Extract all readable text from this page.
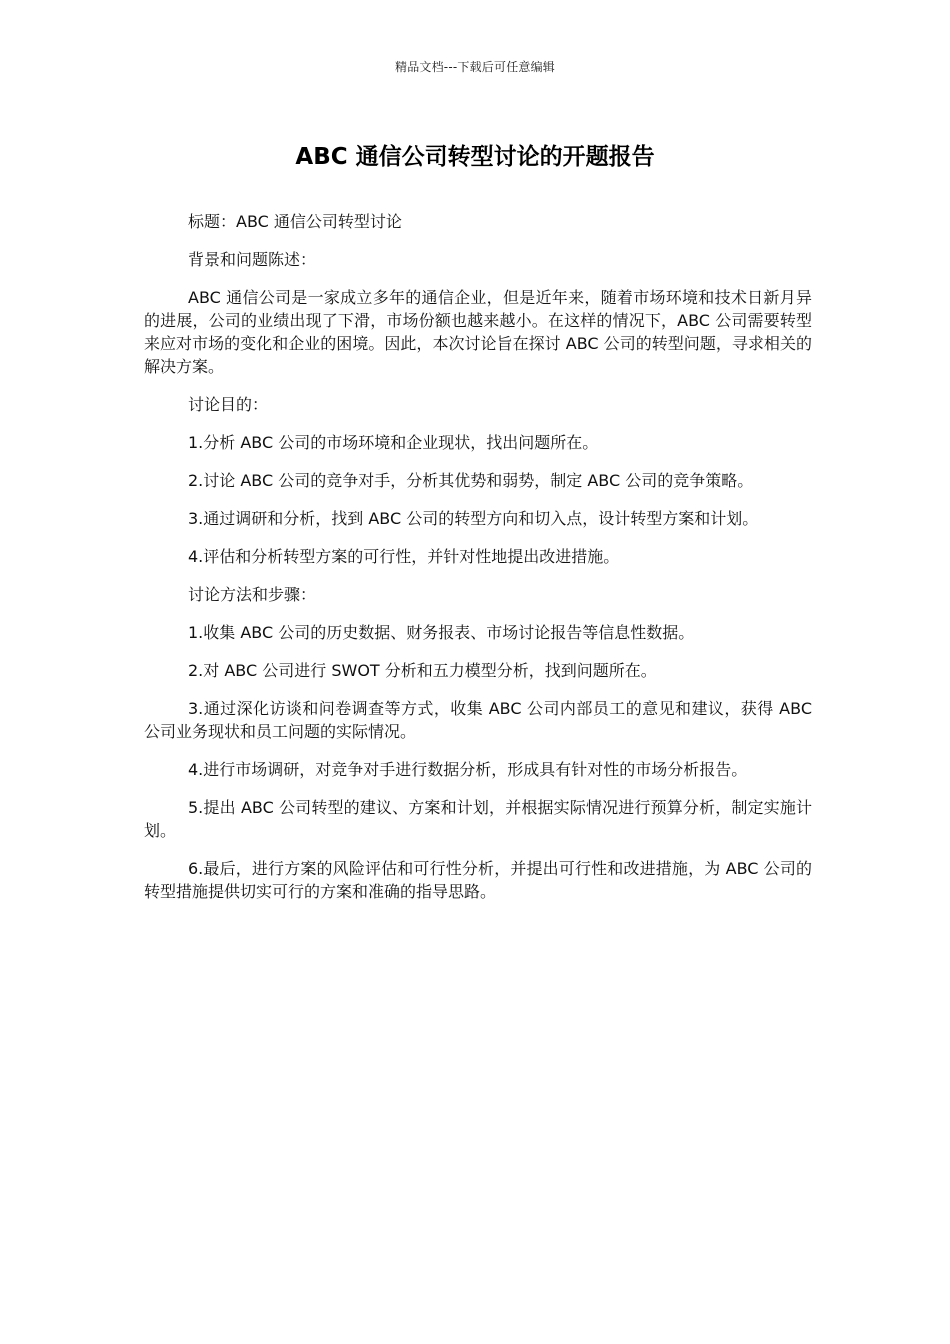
精品文档---下载后可任意编辑
ABC 通信公司转型讨论的开题报告

标题：ABC 通信公司转型讨论

背景和问题陈述：

ABC 通信公司是一家成立多年的通信企业，但是近年来，随着市场环境和技术日新月异的进展，公司的业绩出现了下滑，市场份额也越来越小。在这样的情况下，ABC 公司需要转型来应对市场的变化和企业的困境。因此，本次讨论旨在探讨 ABC 公司的转型问题，寻求相关的解决方案。

讨论目的：

1.分析 ABC 公司的市场环境和企业现状，找出问题所在。

2.讨论 ABC 公司的竞争对手，分析其优势和弱势，制定 ABC 公司的竞争策略。

3.通过调研和分析，找到 ABC 公司的转型方向和切入点，设计转型方案和计划。

4.评估和分析转型方案的可行性，并针对性地提出改进措施。

讨论方法和步骤：

1.收集 ABC 公司的历史数据、财务报表、市场讨论报告等信息性数据。

2.对 ABC 公司进行 SWOT 分析和五力模型分析，找到问题所在。

3.通过深化访谈和问卷调查等方式，收集 ABC 公司内部员工的意见和建议，获得 ABC 公司业务现状和员工问题的实际情况。

4.进行市场调研，对竞争对手进行数据分析，形成具有针对性的市场分析报告。

5.提出 ABC 公司转型的建议、方案和计划，并根据实际情况进行预算分析，制定实施计划。

6.最后，进行方案的风险评估和可行性分析，并提出可行性和改进措施，为 ABC 公司的转型措施提供切实可行的方案和准确的指导思路。
